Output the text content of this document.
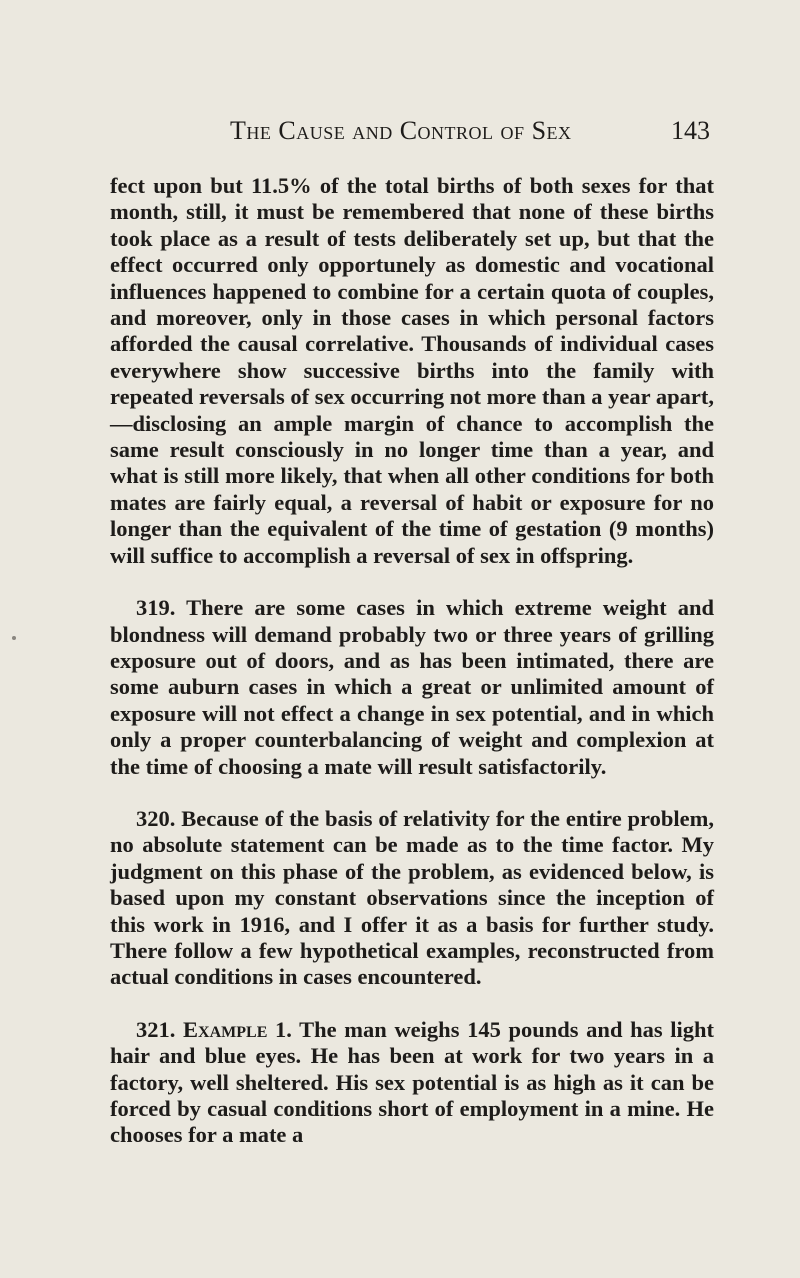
The Cause and Control of Sex	143

fect upon but 11.5% of the total births of both sexes for that month, still, it must be remembered that none of these births took place as a result of tests deliberately set up, but that the effect occurred only opportunely as domestic and vocational influences happened to combine for a certain quota of couples, and moreover, only in those cases in which personal factors afforded the causal correlative. Thousands of individual cases everywhere show successive births into the family with repeated reversals of sex occurring not more than a year apart,—disclosing an ample margin of chance to accomplish the same result consciously in no longer time than a year, and what is still more likely, that when all other conditions for both mates are fairly equal, a reversal of habit or exposure for no longer than the equivalent of the time of gestation (9 months) will suffice to accomplish a reversal of sex in offspring.

319. There are some cases in which extreme weight and blondness will demand probably two or three years of grilling exposure out of doors, and as has been intimated, there are some auburn cases in which a great or unlimited amount of exposure will not effect a change in sex potential, and in which only a proper counterbalancing of weight and complexion at the time of choosing a mate will result satisfactorily.

320. Because of the basis of relativity for the entire problem, no absolute statement can be made as to the time factor. My judgment on this phase of the problem, as evidenced below, is based upon my constant observations since the inception of this work in 1916, and I offer it as a basis for further study. There follow a few hypothetical examples, reconstructed from actual conditions in cases encountered.

321. Example 1. The man weighs 145 pounds and has light hair and blue eyes. He has been at work for two years in a factory, well sheltered. His sex potential is as high as it can be forced by casual conditions short of employment in a mine. He chooses for a mate a
